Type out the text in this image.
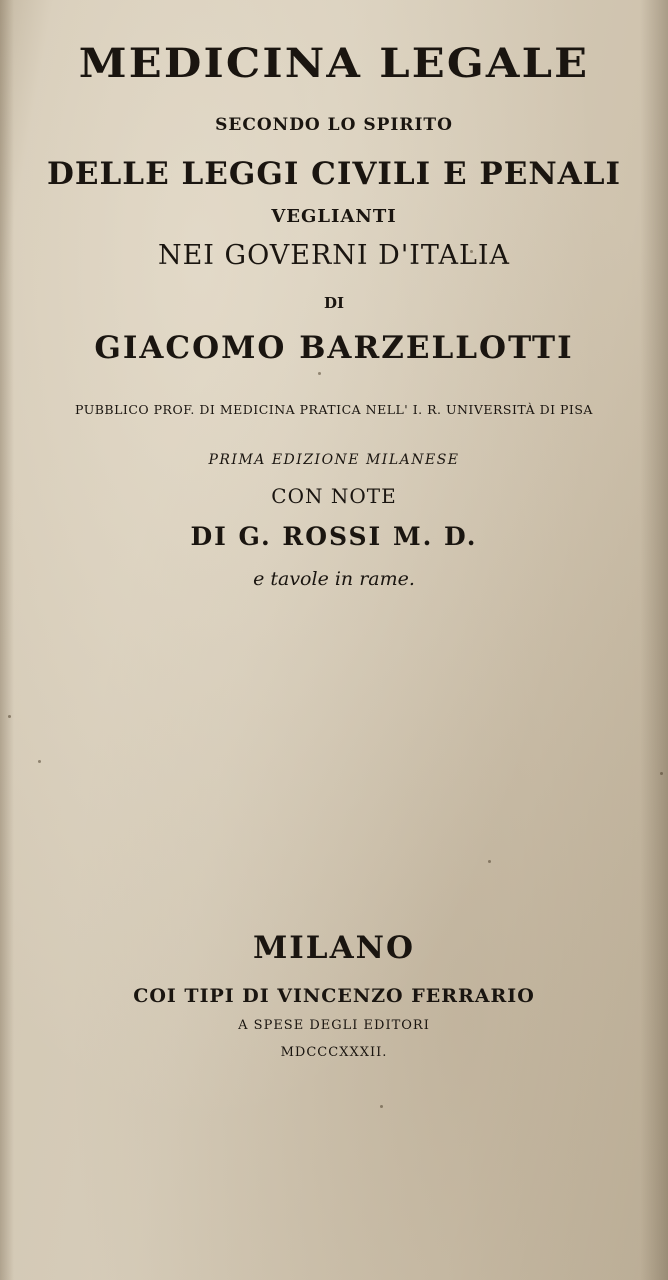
MEDICINA LEGALE
SECONDO LO SPIRITO
DELLE LEGGI CIVILI E PENALI
VEGLIANTI
NEI GOVERNI D'ITALIA
DI
GIACOMO BARZELLOTTI
PUBBLICO PROF. DI MEDICINA PRATICA NELL' I. R. UNIVERSITÀ DI PISA
PRIMA EDIZIONE MILANESE
CON NOTE
DI G. ROSSI M. D.
e tavole in rame.
MILANO
COI TIPI DI VINCENZO FERRARIO
A SPESE DEGLI EDITORI
MDCCCXXXII.
